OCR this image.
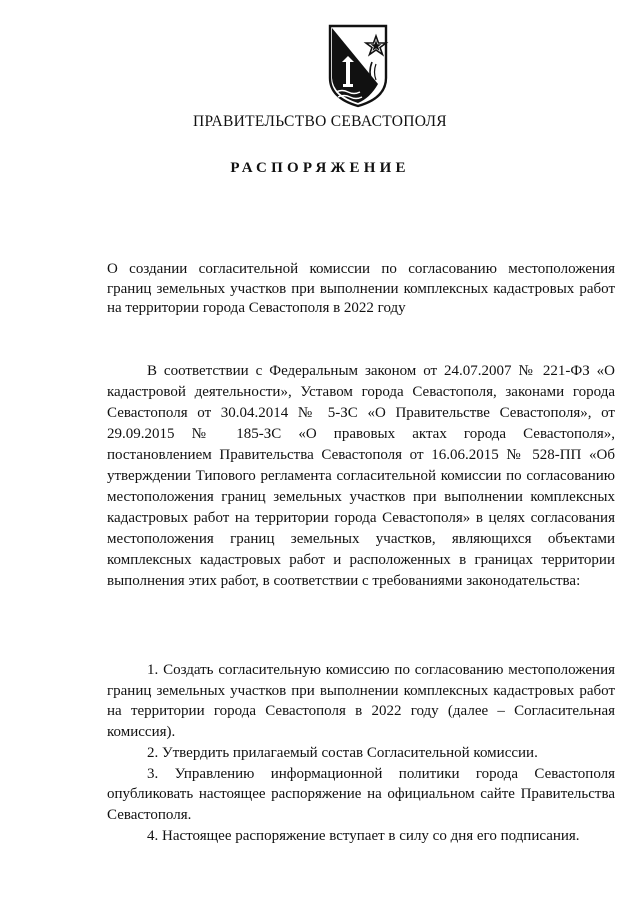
ПРАВИТЕЛЬСТВО СЕВАСТОПОЛЯ
РАСПОРЯЖЕНИЕ
О создании согласительной комиссии по согласованию местоположения границ земельных участков при выполнении комплексных кадастровых работ на территории города Севастополя в 2022 году

В соответствии с Федеральным законом от 24.07.2007 № 221-ФЗ «О кадастровой деятельности», Уставом города Севастополя, законами города Севастополя от 30.04.2014 № 5-ЗС «О Правительстве Севастополя», от 29.09.2015 № 185-ЗС «О правовых актах города Севастополя», постановлением Правительства Севастополя от 16.06.2015 № 528-ПП «Об утверждении Типового регламента согласительной комиссии по согласованию местоположения границ земельных участков при выполнении комплексных кадастровых работ на территории города Севастополя» в целях согласования местоположения границ земельных участков, являющихся объектами комплексных кадастровых работ и расположенных в границах территории выполнения этих работ, в соответствии с требованиями законодательства:

1. Создать согласительную комиссию по согласованию местоположения границ земельных участков при выполнении комплексных кадастровых работ на территории города Севастополя в 2022 году (далее – Согласительная комиссия).

2. Утвердить прилагаемый состав Согласительной комиссии.

3. Управлению информационной политики города Севастополя опубликовать настоящее распоряжение на официальном сайте Правительства Севастополя.

4. Настоящее распоряжение вступает в силу со дня его подписания.
